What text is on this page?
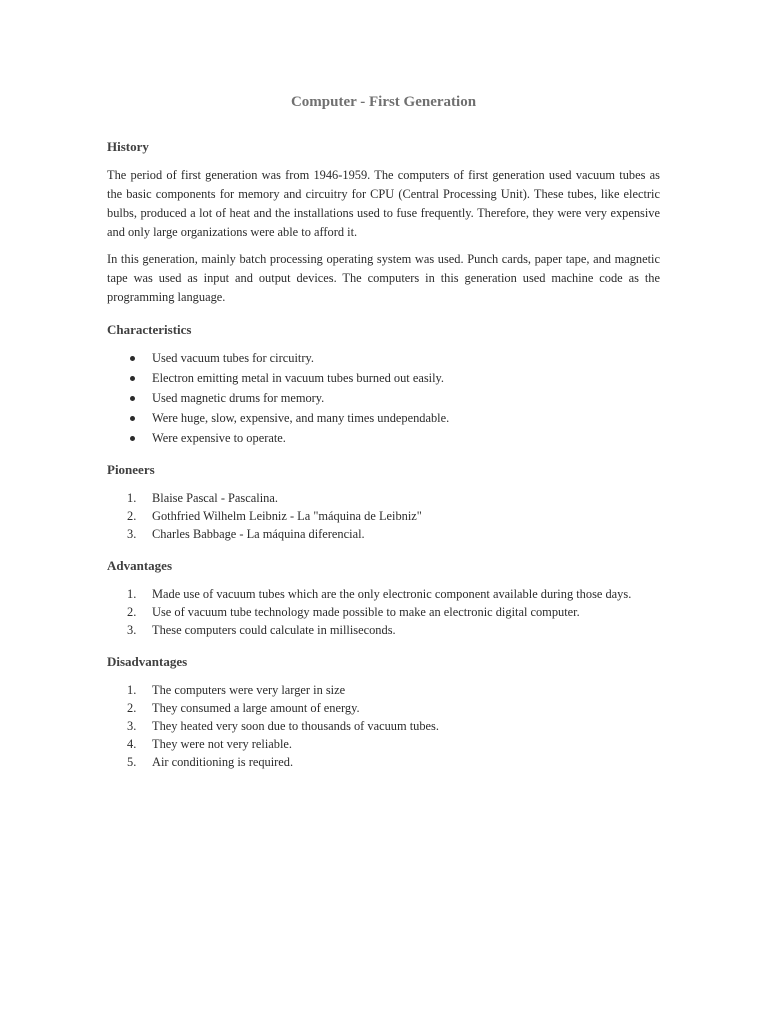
Computer - First Generation
History

The period of first generation was from 1946-1959. The computers of first generation used vacuum tubes as the basic components for memory and circuitry for CPU (Central Processing Unit). These tubes, like electric bulbs, produced a lot of heat and the installations used to fuse frequently. Therefore, they were very expensive and only large organizations were able to afford it.

In this generation, mainly batch processing operating system was used. Punch cards, paper tape, and magnetic tape was used as input and output devices. The computers in this generation used machine code as the programming language.

Characteristics
Used vacuum tubes for circuitry.
Electron emitting metal in vacuum tubes burned out easily.
Used magnetic drums for memory.
Were huge, slow, expensive, and many times undependable.
Were expensive to operate.
Pioneers
1.	Blaise Pascal - Pascalina.
2.	Gothfried Wilhelm Leibniz - La "máquina de Leibniz"
3.	Charles Babbage - La máquina diferencial.
Advantages
1.	Made use of vacuum tubes which are the only electronic component available during those days.
2.	Use of vacuum tube technology made possible to make an electronic digital computer.
3.	These computers could calculate in milliseconds.
Disadvantages
1.	The computers were very larger in size
2.	They consumed a large amount of energy.
3.	They heated very soon due to thousands of vacuum tubes.
4.	They were not very reliable.
5.	Air conditioning is required.
